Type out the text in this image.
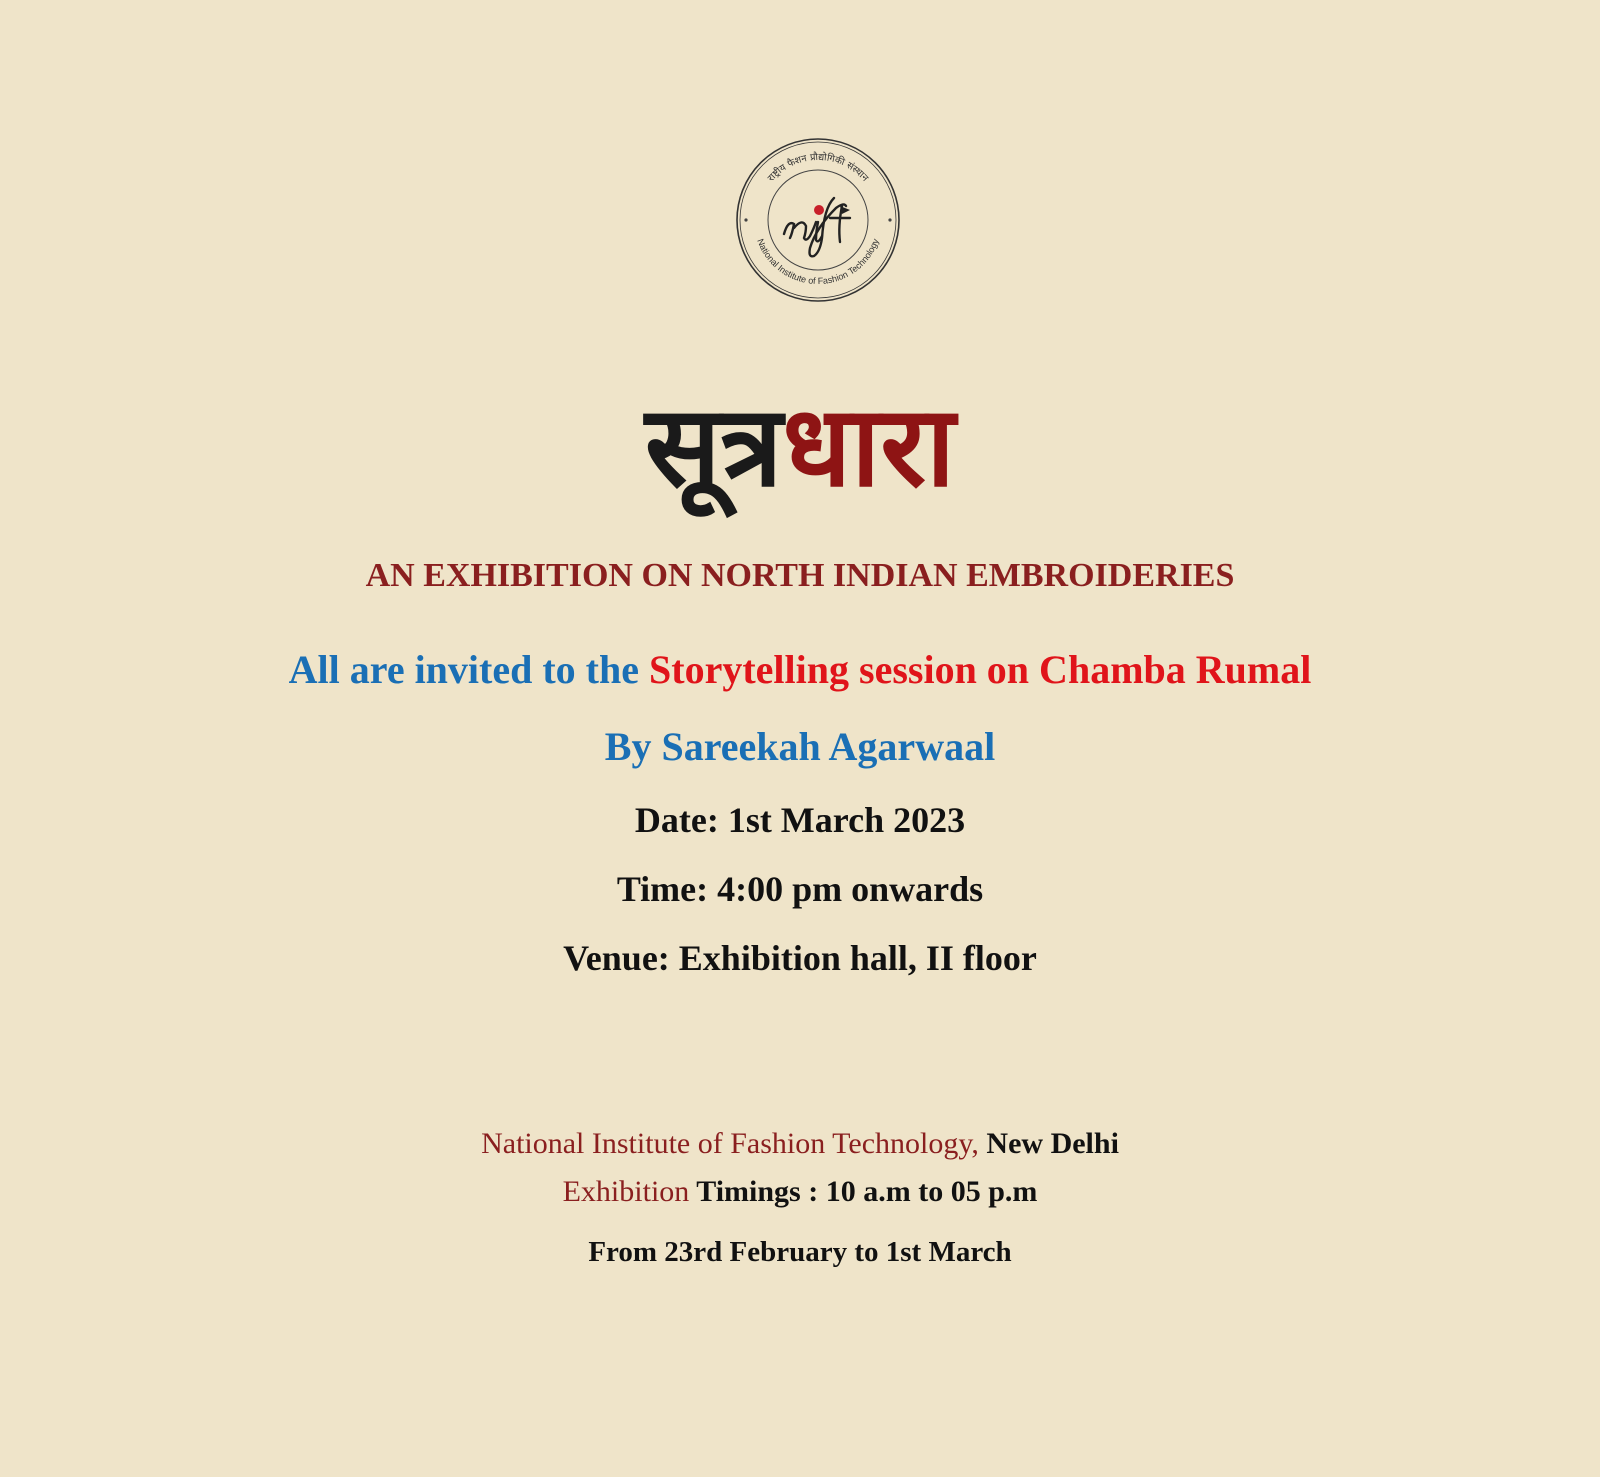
राष्ट्रीय फैशन प्रौद्योगिकी संस्थान
National Institute of Fashion Technology
सूत्रधारा
AN EXHIBITION ON NORTH INDIAN EMBROIDERIES
All are invited to the Storytelling session on Chamba Rumal
By Sareekah Agarwaal
Date: 1st March 2023
Time: 4:00 pm onwards
Venue: Exhibition hall, II floor
National Institute of Fashion Technology, New Delhi
Exhibition Timings : 10 a.m to 05 p.m
From 23rd February to 1st March
